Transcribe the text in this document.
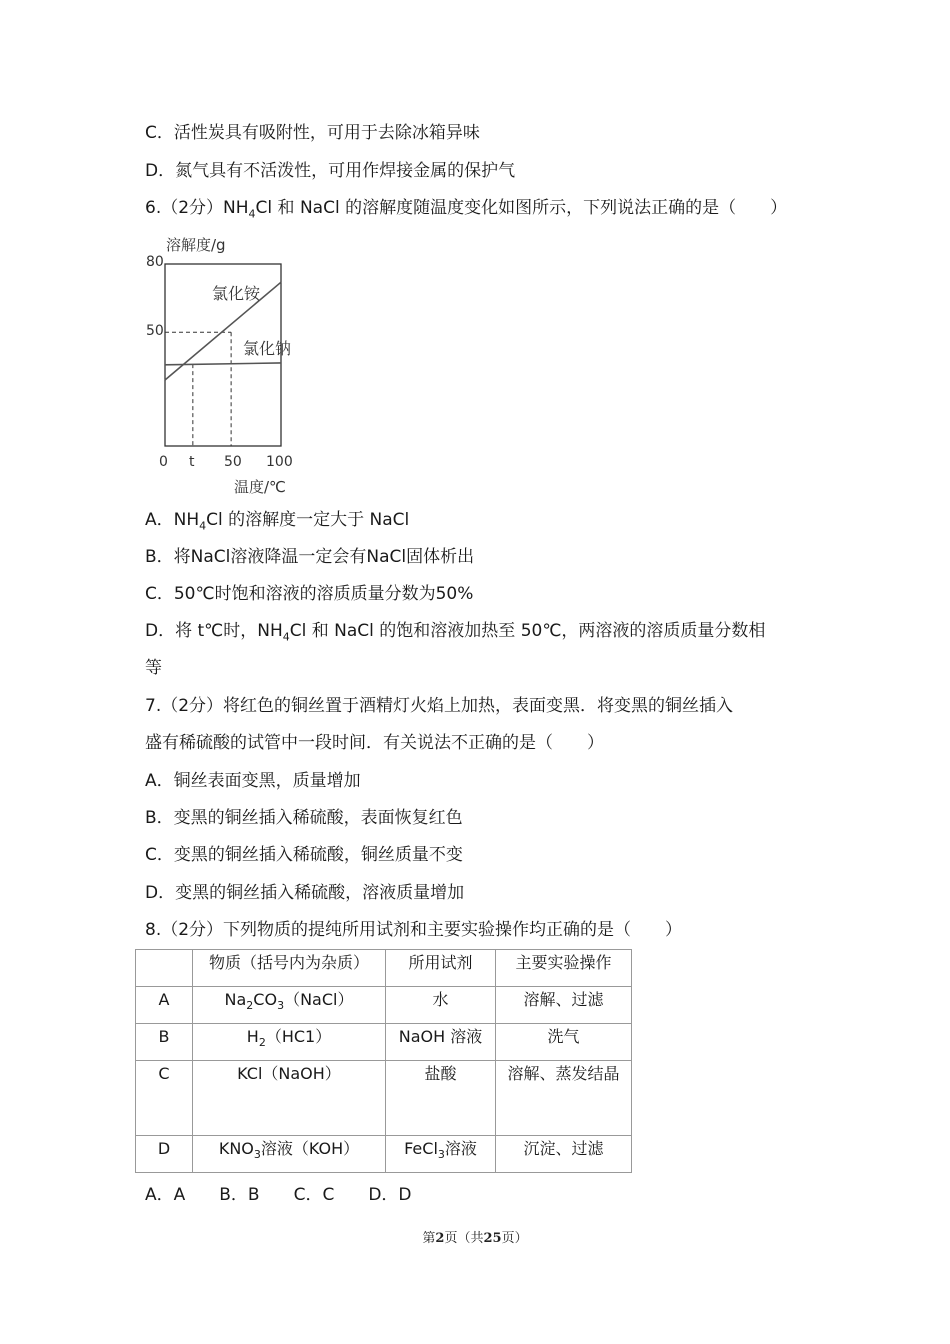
C．活性炭具有吸附性，可用于去除冰箱异味
D．氮气具有不活泼性，可用作焊接金属的保护气
6.（2分）$NH_4Cl$ 和 NaCl 的溶解度随温度变化如图所示，下列说法正确的是（　　）
溶解度/g
80
50
氯化铵
氯化钠
0 t 50 100
温度/℃
A．$NH_4Cl$ 的溶解度一定大于 NaCl
B．将NaCl溶液降温一定会有NaCl固体析出
C．50℃时饱和溶液的溶质质量分数为50%
D．将 t℃时，$NH_4Cl$ 和 NaCl 的饱和溶液加热至 50℃，两溶液的溶质质量分数相
等
7.（2分）将红色的铜丝置于酒精灯火焰上加热，表面变黑．将变黑的铜丝插入
盛有稀硫酸的试管中一段时间．有关说法不正确的是（　　）
A．铜丝表面变黑，质量增加
B．变黑的铜丝插入稀硫酸，表面恢复红色
C．变黑的铜丝插入稀硫酸，铜丝质量不变
D．变黑的铜丝插入稀硫酸，溶液质量增加
8.（2分）下列物质的提纯所用试剂和主要实验操作均正确的是（　　）
	物质（括号内为杂质）	所用试剂	主要实验操作
A	$Na_2CO_3(NaCl)$	水	溶解、过滤
B	$H_2(HC1)$	NaOH 溶液	洗气
C	KCl（NaOH）	盐酸	溶解、蒸发结晶
D	$KNO_3$溶液（KOH）	FeCl$_3$溶液	沉淀、过滤
A．A　　B．B　　C．C　　D．D
第2页（共25页）
